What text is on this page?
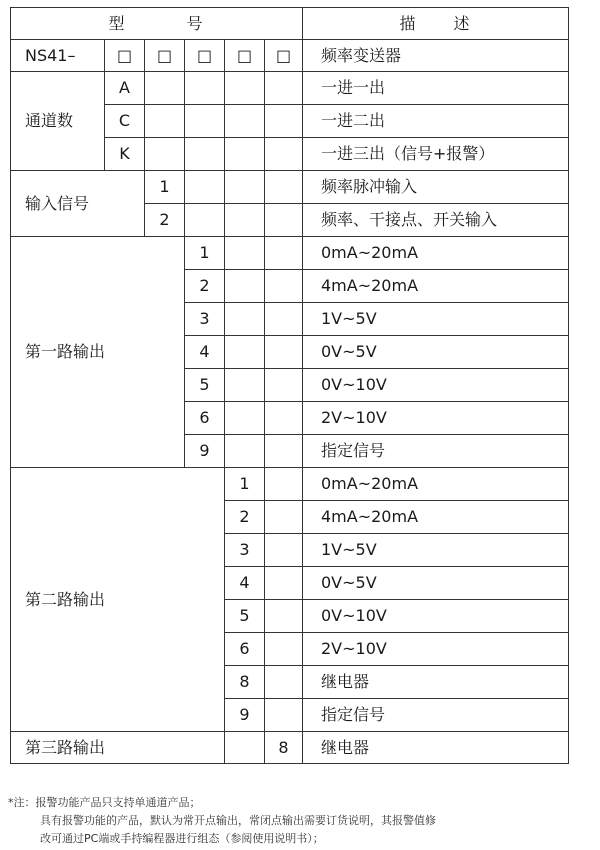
型 号						描 述
NS41–	□	□	□	□	□	频率变送器
通道数	A					一进一出
	C					一进二出
	K					一进三出（信号+报警）
输入信号		1				频率脉冲输入
		2				频率、干接点、开关输入
第一路输出			1			0mA~20mA
			2			4mA~20mA
			3			1V~5V
			4			0V~5V
			5			0V~10V
			6			2V~10V
			9			指定信号
第二路输出				1		0mA~20mA
				2		4mA~20mA
				3		1V~5V
				4		0V~5V
				5		0V~10V
				6		2V~10V
				8		继电器
				9		指定信号
第三路输出					8	继电器
*注：报警功能产品只支持单通道产品；
具有报警功能的产品，默认为常开点输出，常闭点输出需要订货说明，其报警值修
改可通过PC端或手持编程器进行组态（参阅使用说明书）；
